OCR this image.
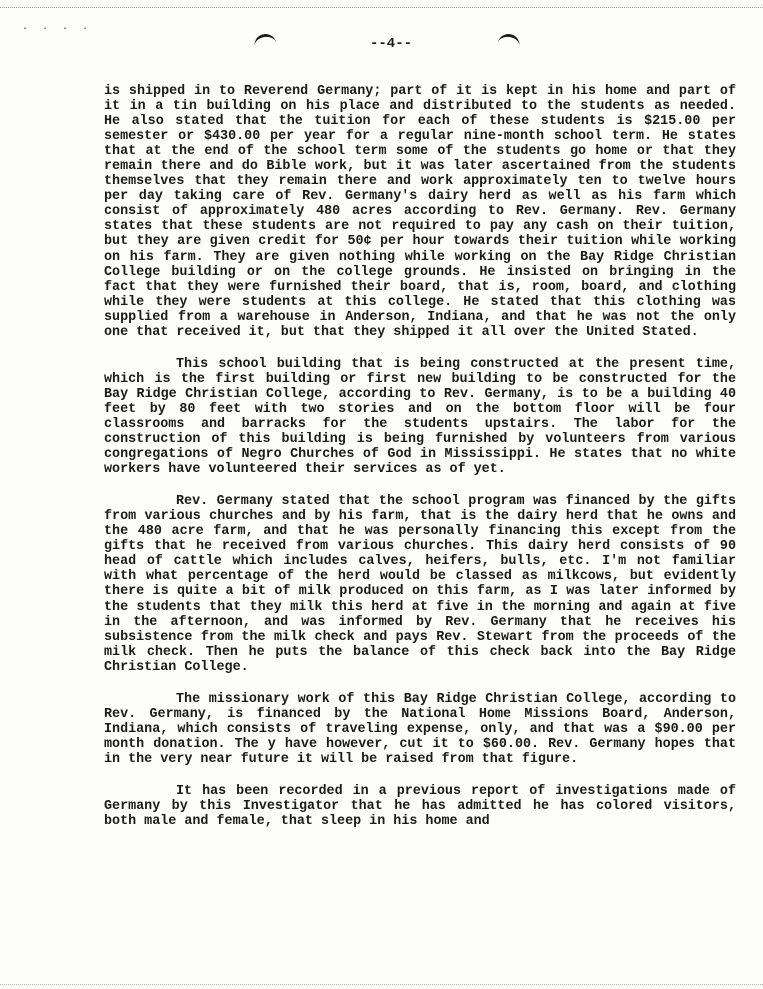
· · · ·
--4--

is shipped in to Reverend Germany; part of it is kept in his home and part of it in a tin building on his place and distributed to the students as needed. He also stated that the tuition for each of these students is $215.00 per semester or $430.00 per year for a regular nine-month school term. He states that at the end of the school term some of the students go home or that they remain there and do Bible work, but it was later ascertained from the students themselves that they remain there and work approximately ten to twelve hours per day taking care of Rev. Germany's dairy herd as well as his farm which consist of approximately 480 acres according to Rev. Germany. Rev. Germany states that these students are not required to pay any cash on their tuition, but they are given credit for 50¢ per hour towards their tuition while working on his farm. They are given nothing while working on the Bay Ridge Christian College building or on the college grounds. He insisted on bringing in the fact that they were furnished their board, that is, room, board, and clothing while they were students at this college. He stated that this clothing was supplied from a warehouse in Anderson, Indiana, and that he was not the only one that received it, but that they shipped it all over the United Stated.

This school building that is being constructed at the present time, which is the first building or first new building to be constructed for the Bay Ridge Christian College, according to Rev. Germany, is to be a building 40 feet by 80 feet with two stories and on the bottom floor will be four classrooms and barracks for the students upstairs. The labor for the construction of this building is being furnished by volunteers from various congregations of Negro Churches of God in Mississippi. He states that no white workers have volunteered their services as of yet.

Rev. Germany stated that the school program was financed by the gifts from various churches and by his farm, that is the dairy herd that he owns and the 480 acre farm, and that he was personally financing this except from the gifts that he received from various churches. This dairy herd consists of 90 head of cattle which includes calves, heifers, bulls, etc. I'm not familiar with what percentage of the herd would be classed as milkcows, but evidently there is quite a bit of milk produced on this farm, as I was later informed by the students that they milk this herd at five in the morning and again at five in the afternoon, and was informed by Rev. Germany that he receives his subsistence from the milk check and pays Rev. Stewart from the proceeds of the milk check. Then he puts the balance of this check back into the Bay Ridge Christian College.

The missionary work of this Bay Ridge Christian College, according to Rev. Germany, is financed by the National Home Missions Board, Anderson, Indiana, which consists of traveling expense, only, and that was a $90.00 per month donation. The y have however, cut it to $60.00. Rev. Germany hopes that in the very near future it will be raised from that figure.

It has been recorded in a previous report of investigations made of Germany by this Investigator that he has admitted he has colored visitors, both male and female, that sleep in his home and
